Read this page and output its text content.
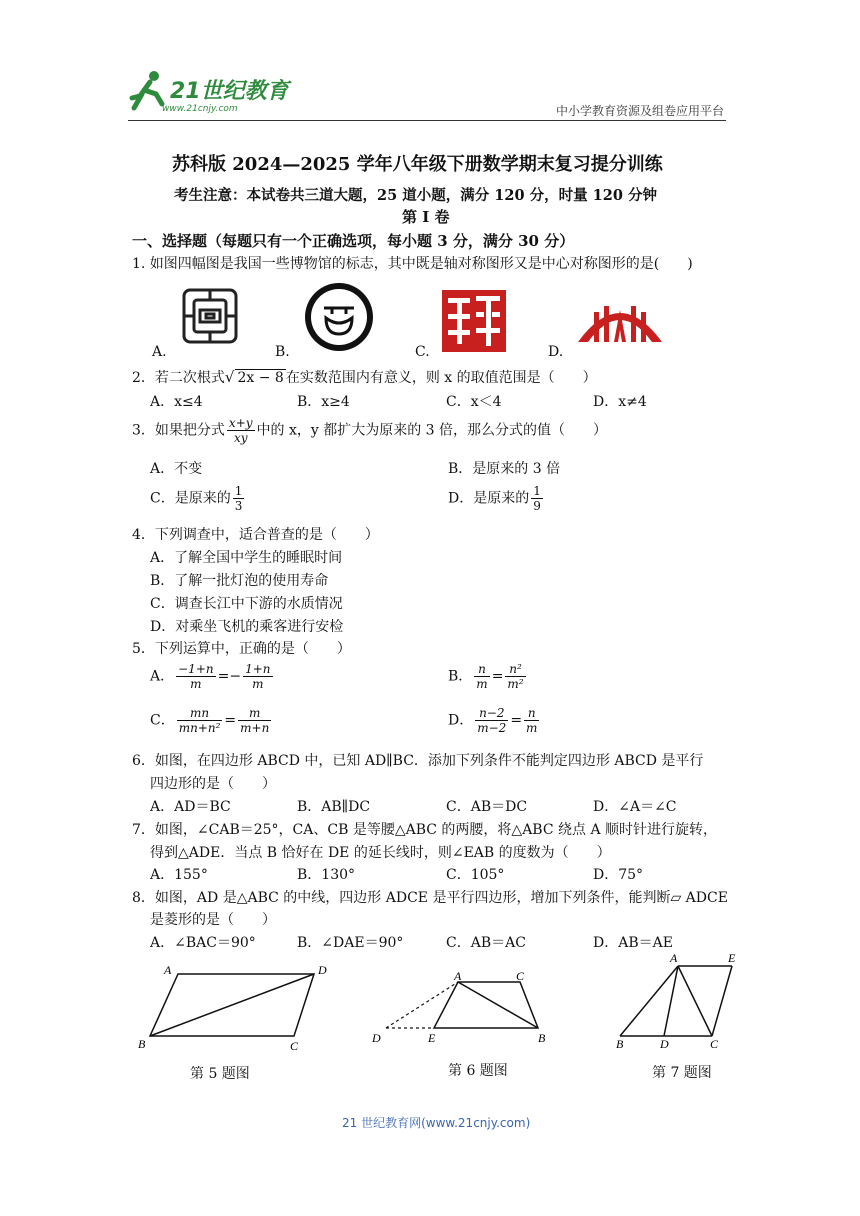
21世纪教育
www.21cnjy.com	中小学教育资源及组卷应用平台
苏科版 2024—2025 学年八年级下册数学期末复习提分训练
考生注意：本试卷共三道大题，25 道小题，满分 120 分，时量 120 分钟
第 I 卷
一、选择题（每题只有一个正确选项，每小题 3 分，满分 30 分）
1. 如图四幅图是我国一些博物馆的标志，其中既是轴对称图形又是中心对称图形的是(　　)
A.	B.	C.	D.
2．若二次根式√ 2x − 8 在实数范围内有意义，则 x 的取值范围是（　　）
A．x≤4	B．x≥4	C．x＜4	D．x≠4
3．如果把分式 $\frac{x+y}{xy}$ 中的 x，y 都扩大为原来的 3 倍，那么分式的值（　　）
A．不变	B．是原来的 3 倍
C．是原来的 $\frac{1}{3}$	D．是原来的 $\frac{1}{9}$
4．下列调查中，适合普查的是（　　）
A．了解全国中学生的睡眠时间
B．了解一批灯泡的使用寿命
C．调查长江中下游的水质情况
D．对乘坐飞机的乘客进行安检
5．下列运算中，正确的是（　　）
A． $\frac{-1+n}{m} =- \frac{1+n}{m}$	B． $\frac{n}{m} = \frac{\text{n²}}{\text{m²}}$
C． $\frac{mn}{\text{mn+n²}} = \frac{m}{m+n}$	D． $\frac{n-2}{m-2} = \frac{n}{m}$
6．如图，在四边形 ABCD 中，已知 AD∥BC．添加下列条件不能判定四边形 ABCD 是平行
四边形的是（　　）
A．AD＝BC	B．AB∥DC	C．AB＝DC	D．∠A＝∠C
7．如图，∠CAB＝25°，CA、CB 是等腰△ABC 的两腰，将△ABC 绕点 A 顺时针进行旋转，
得到△ADE．当点 B 恰好在 DE 的延长线时，则∠EAB 的度数为（　　）
A．155°	B．130°	C．105°	D．75°
8．如图，AD 是△ABC 的中线，四边形 ADCE 是平行四边形，增加下列条件，能判断▱ ADCE
是菱形的是（　　）
A．∠BAC＝90°	B．∠DAE＝90°	C．AB＝AC	D．AB＝AE
A	D
B	C
第 5 题图
A	C
D	E	B
第 6 题图
A	E
B	D	C
第 7 题图
21 世纪教育网(www.21cnjy.com)
